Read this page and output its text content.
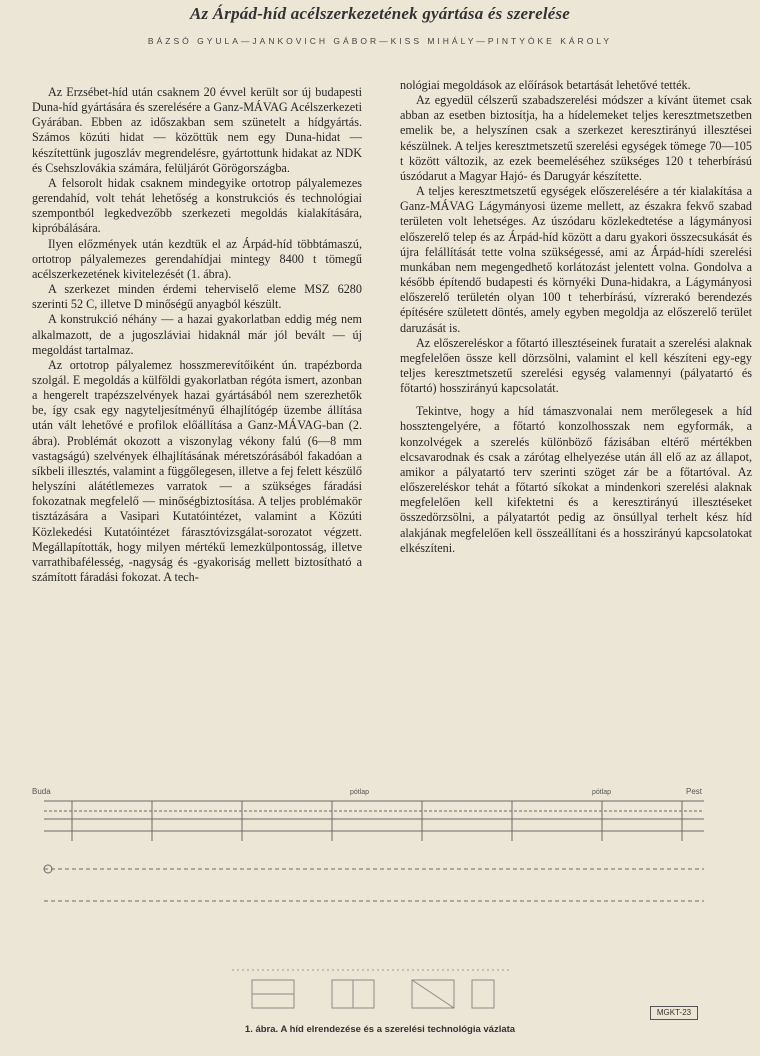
Az Árpád-híd acélszerkezetének gyártása és szerelése
BÁZSÓ GYULA—JANKOVICH GÁBOR—KISS MIHÁLY—PINTYÓKE KÁROLY

Az Erzsébet-híd után csaknem 20 évvel került sor új budapesti Duna-híd gyártására és szerelésére a Ganz-MÁVAG Acélszerkezeti Gyárában. Ebben az időszakban sem szünetelt a hídgyártás. Számos közúti hidat — közöttük nem egy Duna-hidat — készítettünk jugoszláv megrendelésre, gyártottunk hidakat az NDK és Csehszlovákia számára, felüljárót Görögországba.

A felsorolt hidak csaknem mindegyike ortotrop pályalemezes gerendahíd, volt tehát lehetőség a konstrukciós és technológiai szempontból legkedvezőbb szerkezeti megoldás kialakítására, kipróbálására.

Ilyen előzmények után kezdtük el az Árpád-híd többtámaszú, ortotrop pályalemezes gerendahídjai mintegy 8400 t tömegű acélszerkezetének kivitelezését (1. ábra).

A szerkezet minden érdemi teherviselő eleme MSZ 6280 szerinti 52 C, illetve D minőségű anyagból készült.

A konstrukció néhány — a hazai gyakorlatban eddig még nem alkalmazott, de a jugoszláviai hidaknál már jól bevált — új megoldást tartalmaz.

Az ortotrop pályalemez hosszmerevítőiként ún. trapézborda szolgál. E megoldás a külföldi gyakorlatban régóta ismert, azonban a hengerelt trapézszelvények hazai gyártásából nem szerezhetők be, így csak egy nagyteljesítményű élhajlítógép üzembe állítása után vált lehetővé e profilok előállítása a Ganz-MÁVAG-ban (2. ábra). Problémát okozott a viszonylag vékony falú (6—8 mm vastagságú) szelvények élhajlításának méretszórásából fakadóan a síkbeli illesztés, valamint a függőlegesen, illetve a fej felett készülő helyszíni alátétlemezes varratok — a szükséges fáradási fokozatnak megfelelő — minőségbiztosítása. A teljes problémakör tisztázására a Vasipari Kutatóintézet, valamint a Közúti Közlekedési Kutatóintézet fárasztóvizsgálat-sorozatot végzett. Megállapították, hogy milyen mértékű lemezkülpontosság, illetve varrathibafélesség, -nagyság és -gyakoriság mellett biztosítható a számított fáradási fokozat. A tech-

nológiai megoldások az előírások betartását lehetővé tették.

Az egyedül célszerű szabadszerelési módszer a kívánt ütemet csak abban az esetben biztosítja, ha a hídelemeket teljes keresztmetszetben emelik be, a helyszínen csak a szerkezet keresztirányú illesztései készülnek. A teljes keresztmetszetű szerelési egységek tömege 70—105 t között változik, az ezek beemeléséhez szükséges 120 t teherbírású úszódarut a Magyar Hajó- és Darugyár készítette.

A teljes keresztmetszetű egységek előszerelésére a tér kialakítása a Ganz-MÁVAG Lágymányosi üzeme mellett, az északra fekvő szabad területen volt lehetséges. Az úszódaru közlekedtetése a lágymányosi előszerelő telep és az Árpád-híd között a daru gyakori összecsukását és újra felállítását tette volna szükségessé, ami az Árpád-hídi szerelési munkában nem megengedhető korlátozást jelentett volna. Gondolva a később építendő budapesti és környéki Duna-hidakra, a Lágymányosi előszerelő területén olyan 100 t teherbírású, vízrerakó berendezés építésére született döntés, amely egyben megoldja az előszerelő terület daruzását is.

Az előszereléskor a főtartó illesztéseinek furatait a szerelési alaknak megfelelően össze kell dörzsölni, valamint el kell készíteni egy-egy teljes keresztmetszetű szerelési egység valamennyi (pályatartó és főtartó) hosszirányú kapcsolatát.

Tekintve, hogy a híd támaszvonalai nem merőlegesek a híd hossztengelyére, a főtartó konzolhosszak nem egyformák, a konzolvégek a szerelés különböző fázisában eltérő mértékben elcsavarodnak és csak a zárótag elhelyezése után áll elő az az állapot, amikor a pályatartó terv szerinti szöget zár be a főtartóval. Az előszereléskor tehát a főtartó síkokat a mindenkori szerelési alaknak megfelelően kell kifektetni és a keresztirányú illesztéseket összedörzsölni, a pályatartót pedig az önsúllyal terhelt kész híd alakjának megfelelően kell összeállítani és a hosszirányú kapcsolatokat elkészíteni.

Buda	Pest
pótlap	pótlap
MGKT-23
1. ábra. A híd elrendezése és a szerelési technológia vázlata
